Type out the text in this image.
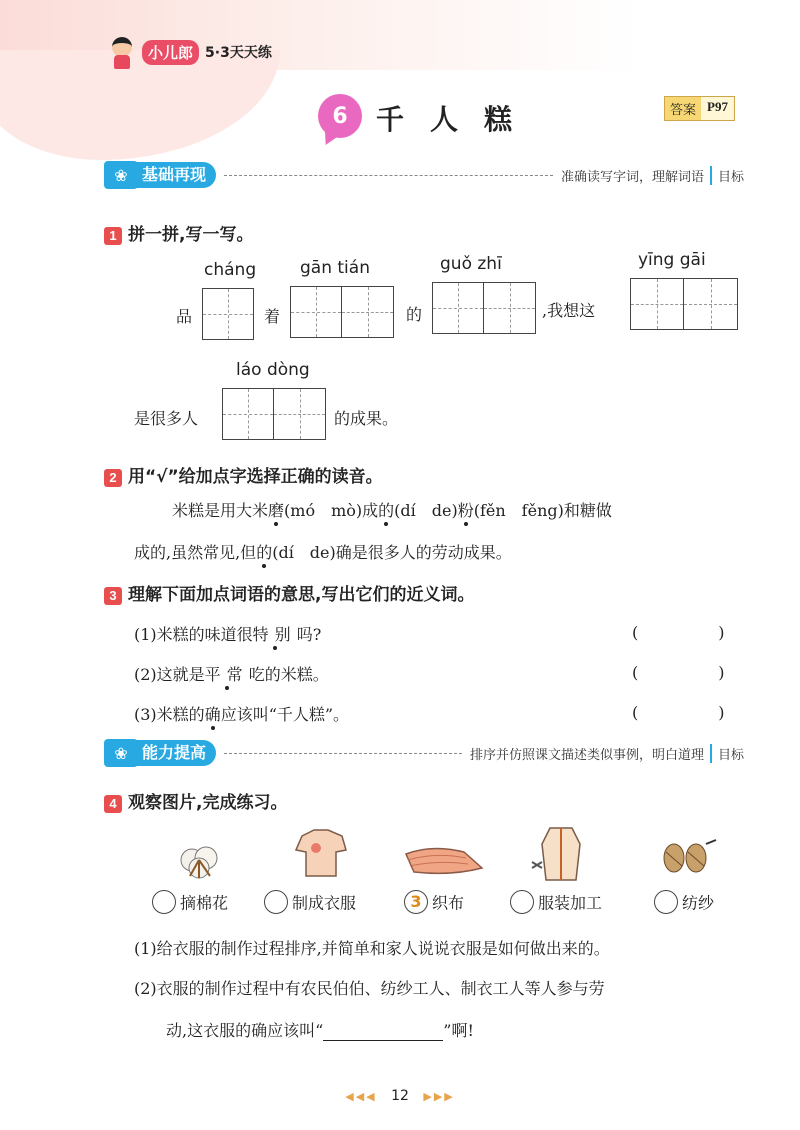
小儿郎 5·3天天练
6	千人糕	答案 P97
❀ 基础再现	准确读写字词，理解词语	目标
1 拼一拼,写一写。
cháng	gān tián	guǒ zhī	yīng gāi
品	着	的	,我想这
láo dòng
是很多人	的成果。
2 用“√”给加点字选择正确的读音。
米糕是用大米磨(mó　mò)成的(dí　de)粉(fěn　fěng)和糖做
成的,虽然常见,但的(dí　de)确是很多人的劳动成果。
3 理解下面加点词语的意思,写出它们的近义词。
(1)米糕的味道很特别吗?	(　　　　　)
(2)这就是平常吃的米糕。	(　　　　　)
(3)米糕的确应该叫“千人糕”。	(　　　　　)
❀ 能力提高	排序并仿照课文描述类似事例，明白道理	目标
4 观察图片,完成练习。
摘棉花	制成衣服	3 织布	服装加工	纺纱
(1)给衣服的制作过程排序,并简单和家人说说衣服是如何做出来的。
(2)衣服的制作过程中有农民伯伯、纺纱工人、制衣工人等人参与劳
动,这衣服的确应该叫“	”啊!
◀◀◀ 12 ▶▶▶
